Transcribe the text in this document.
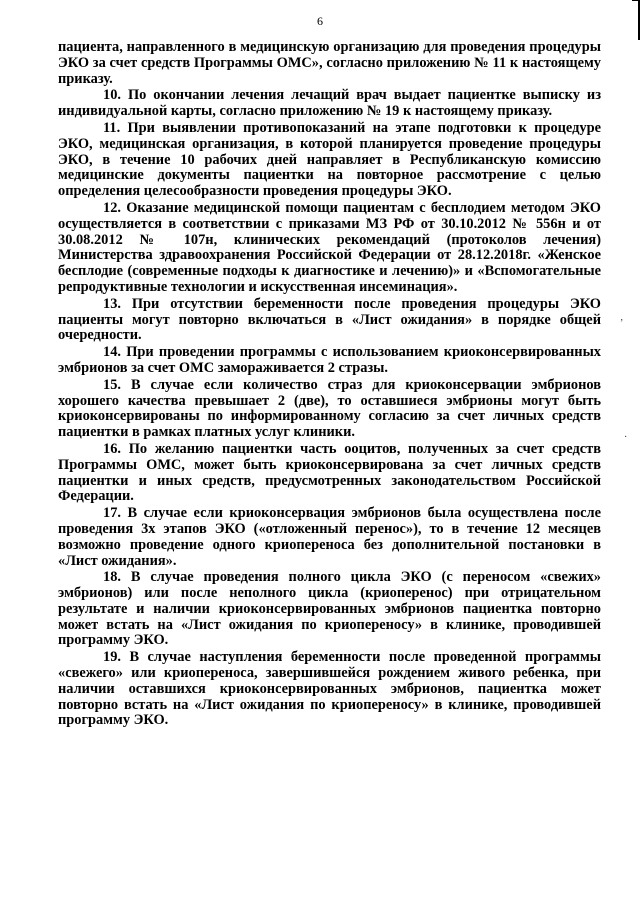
6

пациента, направленного в медицинскую организацию для проведения процедуры ЭКО за счет средств Программы ОМС», согласно приложению № 11 к настоящему приказу.

10. По окончании лечения лечащий врач выдает пациентке выписку из индивидуальной карты, согласно приложению № 19 к настоящему приказу.

11. При выявлении противопоказаний на этапе подготовки к процедуре ЭКО, медицинская организация, в которой планируется проведение процедуры ЭКО, в течение 10 рабочих дней направляет в Республиканскую комиссию медицинские документы пациентки на повторное рассмотрение с целью определения целесообразности проведения процедуры ЭКО.

12. Оказание медицинской помощи пациентам с бесплодием методом ЭКО осуществляется в соответствии с приказами МЗ РФ от 30.10.2012 № 556н и от 30.08.2012 № 107н, клинических рекомендаций (протоколов лечения) Министерства здравоохранения Российской Федерации от 28.12.2018г. «Женское бесплодие (современные подходы к диагностике и лечению)» и «Вспомогательные репродуктивные технологии и искусственная инсеминация».

13. При отсутствии беременности после проведения процедуры ЭКО пациенты могут повторно включаться в «Лист ожидания» в порядке общей очередности.

14. При проведении программы с использованием криоконсервированных эмбрионов за счет ОМС замораживается 2 стразы.

15. В случае если количество страз для криоконсервации эмбрионов хорошего качества превышает 2 (две), то оставшиеся эмбрионы могут быть криоконсервированы по информированному согласию за счет личных средств пациентки в рамках платных услуг клиники.

16. По желанию пациентки часть ооцитов, полученных за счет средств Программы ОМС, может быть криоконсервирована за счет личных средств пациентки и иных средств, предусмотренных законодательством Российской Федерации.

17. В случае если криоконсервация эмбрионов была осуществлена после проведения 3х этапов ЭКО («отложенный перенос»), то в течение 12 месяцев возможно проведение одного криопереноса без дополнительной постановки в «Лист ожидания».

18. В случае проведения полного цикла ЭКО (с переносом «свежих» эмбрионов) или после неполного цикла (криоперенос) при отрицательном результате и наличии криоконсервированных эмбрионов пациентка повторно может встать на «Лист ожидания по криопереносу» в клинике, проводившей программу ЭКО.

19. В случае наступления беременности после проведенной программы «свежего» или криопереноса, завершившейся рождением живого ребенка, при наличии оставшихся криоконсервированных эмбрионов, пациентка может повторно встать на «Лист ожидания по криопереносу» в клинике, проводившей программу ЭКО.

‚
·
